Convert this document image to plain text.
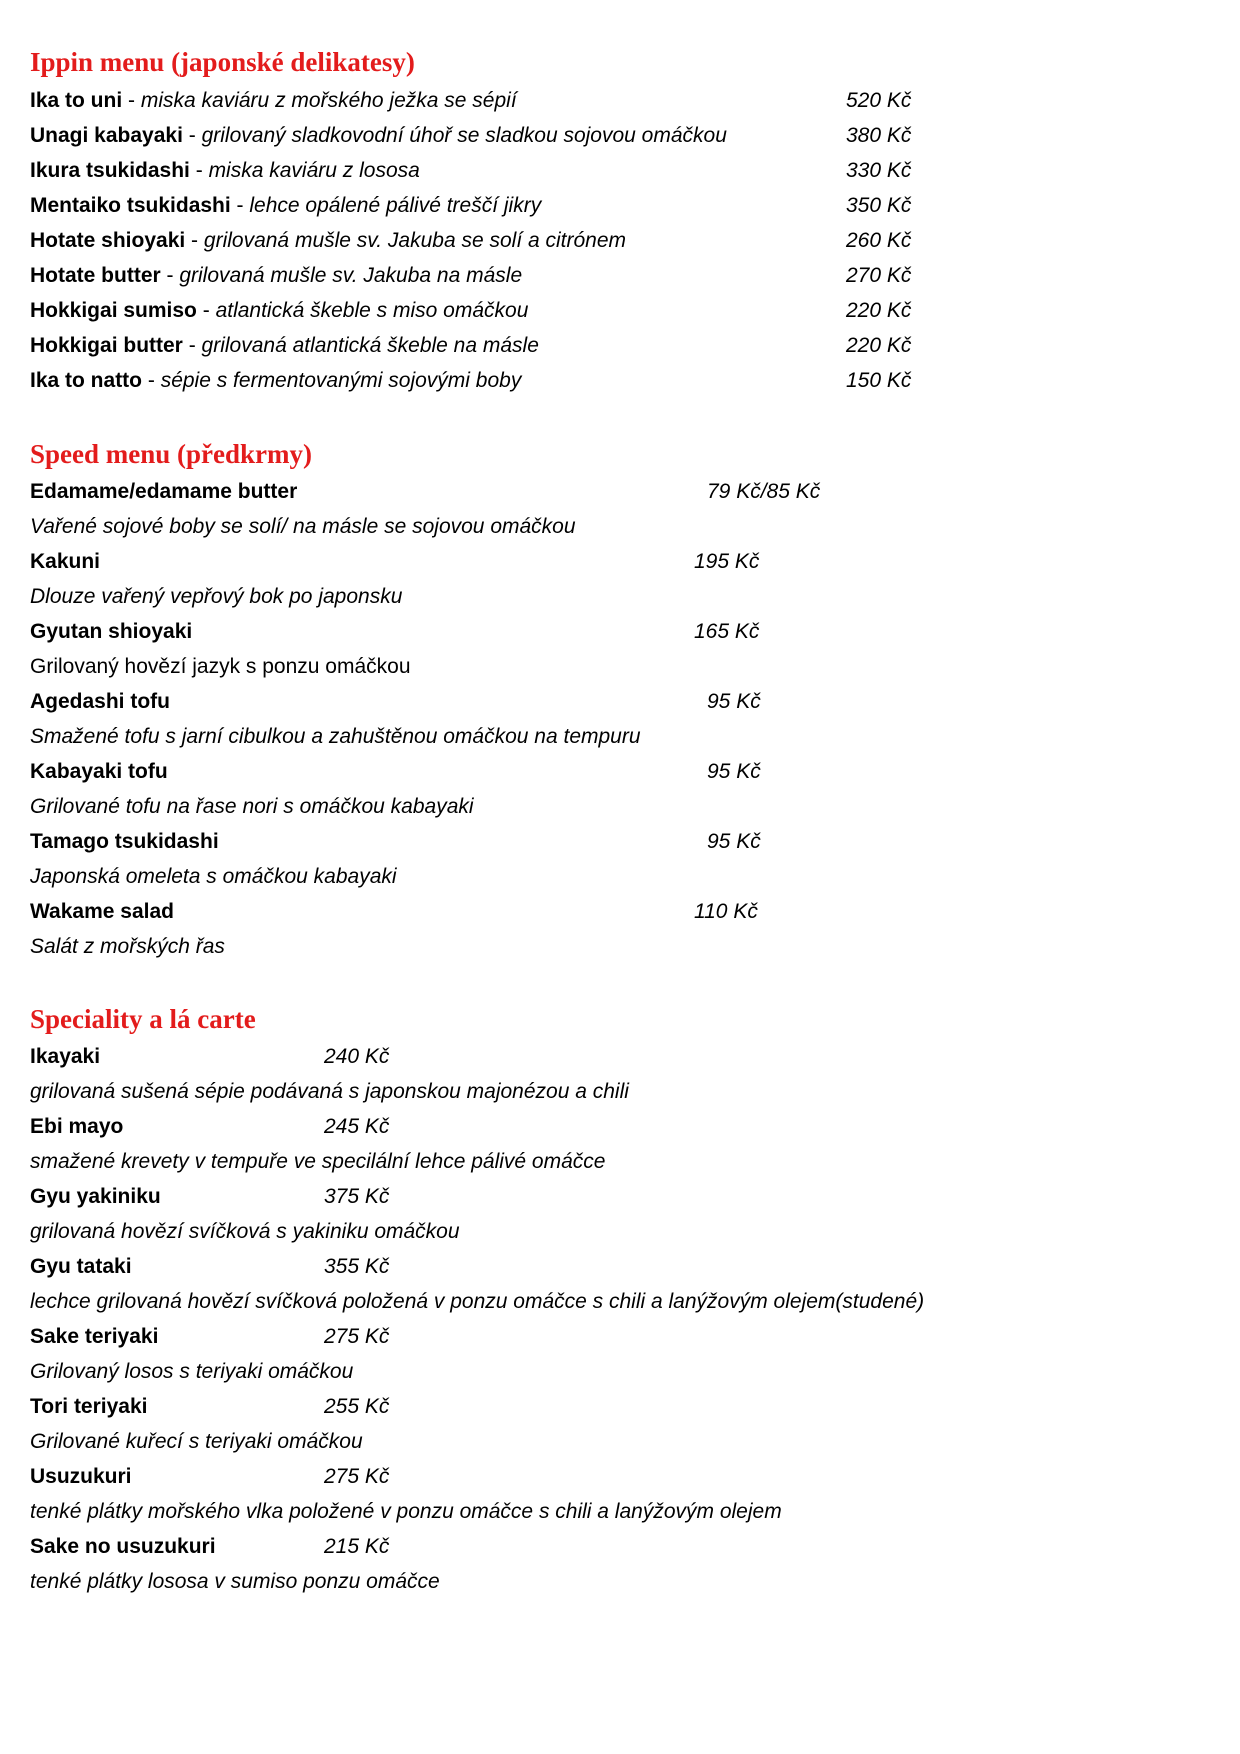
Ippin menu (japonské delikatesy)
Ika to uni - miska kaviáru z mořského ježka se sépií	520 Kč
Unagi kabayaki - grilovaný sladkovodní úhoř se sladkou sojovou omáčkou	380 Kč
Ikura tsukidashi - miska kaviáru z lososa	330 Kč
Mentaiko tsukidashi - lehce opálené pálivé treščí jikry	350 Kč
Hotate shioyaki - grilovaná mušle sv. Jakuba se solí a citrónem	260 Kč
Hotate butter - grilovaná mušle sv. Jakuba na másle	270 Kč
Hokkigai sumiso - atlantická škeble s miso omáčkou	220 Kč
Hokkigai butter - grilovaná atlantická škeble na másle	220 Kč
Ika to natto - sépie s fermentovanými sojovými boby	150 Kč
Speed menu (předkrmy)
Edamame/edamame butter	79 Kč/85 Kč
Vařené sojové boby se solí/ na másle se sojovou omáčkou
Kakuni	195 Kč
Dlouze vařený vepřový bok po japonsku
Gyutan shioyaki	165 Kč
Grilovaný hovězí jazyk s ponzu omáčkou
Agedashi tofu	95 Kč
Smažené tofu s jarní cibulkou a zahuštěnou omáčkou na tempuru
Kabayaki tofu	95 Kč
Grilované tofu na řase nori s omáčkou kabayaki
Tamago tsukidashi	95 Kč
Japonská omeleta s omáčkou kabayaki
Wakame salad	110 Kč
Salát z mořských řas
Speciality a lá carte
Ikayaki	240 Kč
grilovaná sušená sépie podávaná s japonskou majonézou a chili
Ebi mayo	245 Kč
smažené krevety v tempuře ve specilální lehce pálivé omáčce
Gyu yakiniku	375 Kč
grilovaná hovězí svíčková s yakiniku omáčkou
Gyu tataki	355 Kč
lechce grilovaná hovězí svíčková položená v ponzu omáčce s chili a lanýžovým olejem(studené)
Sake teriyaki	275 Kč
Grilovaný losos s teriyaki omáčkou
Tori teriyaki	255 Kč
Grilované kuřecí s teriyaki omáčkou
Usuzukuri	275 Kč
tenké plátky mořského vlka položené v ponzu omáčce s chili a lanýžovým olejem
Sake no usuzukuri	215 Kč
tenké plátky lososa v sumiso ponzu omáčce
